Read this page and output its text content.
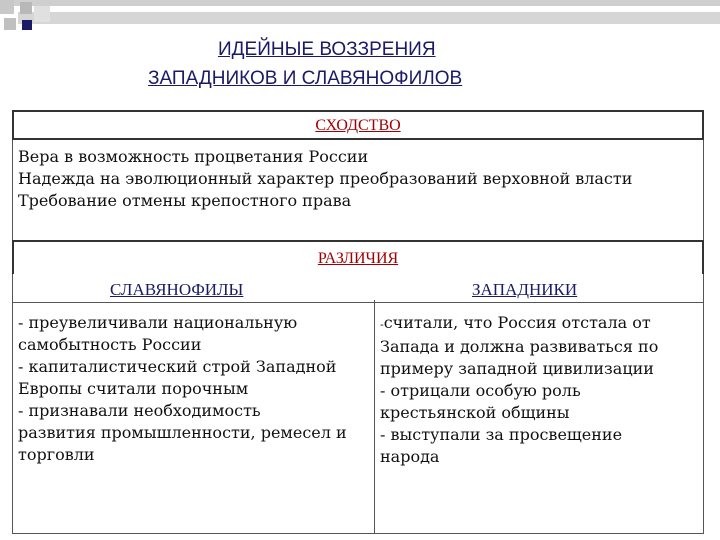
ИДЕЙНЫЕ ВОЗЗРЕНИЯ
ЗАПАДНИКОВ И СЛАВЯНОФИЛОВ
СХОДСТВО
Вера в возможность процветания России
Надежда на эволюционный характер преобразований верховной власти
Требование отмены крепостного права
РАЗЛИЧИЯ
СЛАВЯНОФИЛЫ	ЗАПАДНИКИ
- преувеличивали национальную
самобытность России
- капиталистический строй Западной
Европы считали порочным
- признавали необходимость
развития промышленности, ремесел и
торговли
-считали, что Россия отстала от
Запада и должна развиваться по
примеру западной цивилизации
- отрицали особую роль
крестьянской общины
- выступали за просвещение
народа
